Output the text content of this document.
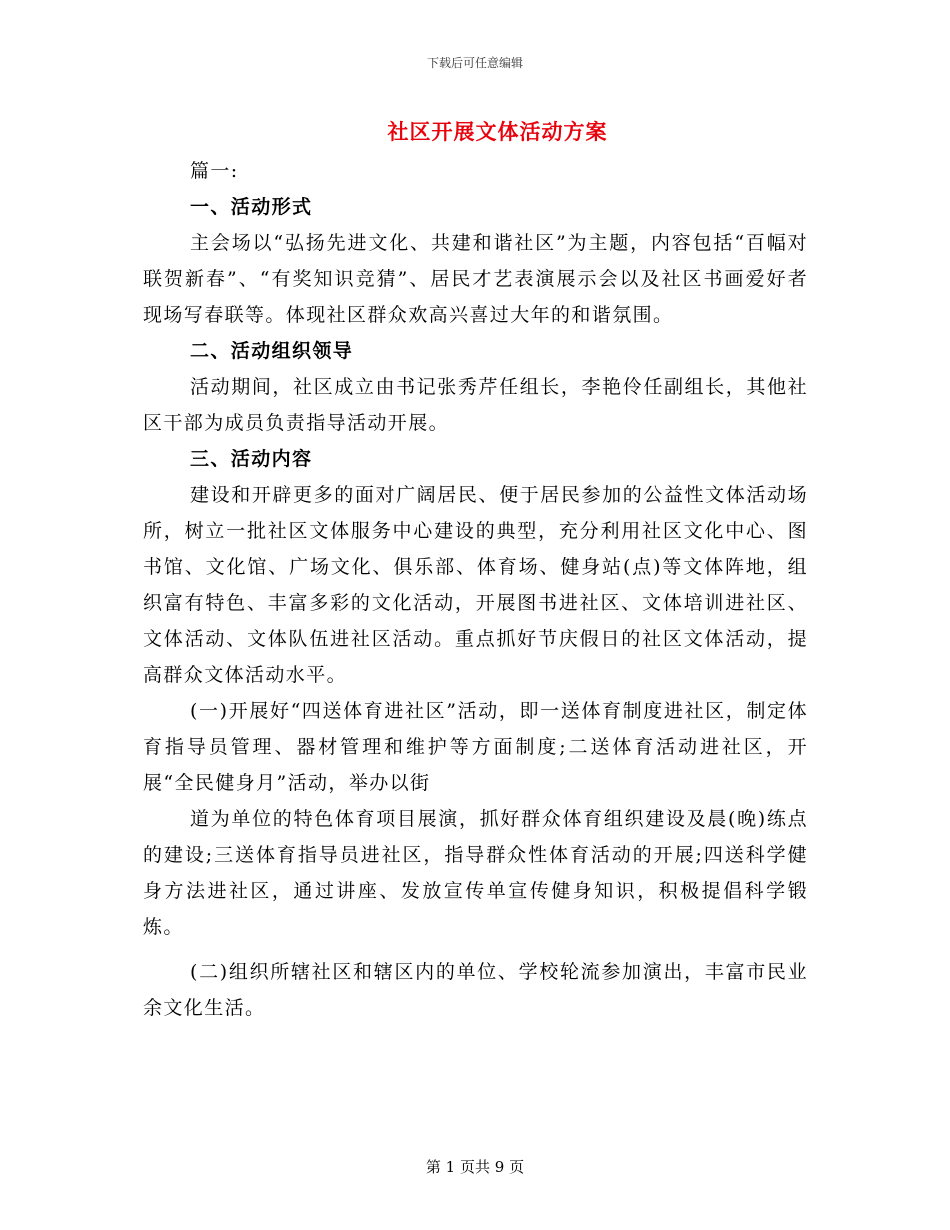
下载后可任意编辑
社区开展文体活动方案

篇一:

一、活动形式

主会场以“弘扬先进文化、共建和谐社区”为主题，内容包括“百幅对联贺新春”、“有奖知识竞猜”、居民才艺表演展示会以及社区书画爱好者现场写春联等。体现社区群众欢高兴喜过大年的和谐氛围。

二、活动组织领导

活动期间，社区成立由书记张秀芹任组长，李艳伶任副组长，其他社区干部为成员负责指导活动开展。

三、活动内容

建设和开辟更多的面对广阔居民、便于居民参加的公益性文体活动场所，树立一批社区文体服务中心建设的典型，充分利用社区文化中心、图书馆、文化馆、广场文化、俱乐部、体育场、健身站(点)等文体阵地，组织富有特色、丰富多彩的文化活动，开展图书进社区、文体培训进社区、文体活动、文体队伍进社区活动。重点抓好节庆假日的社区文体活动，提高群众文体活动水平。

(一)开展好“四送体育进社区”活动，即一送体育制度进社区，制定体育指导员管理、器材管理和维护等方面制度;二送体育活动进社区，开展“全民健身月”活动，举办以街

道为单位的特色体育项目展演，抓好群众体育组织建设及晨(晚)练点的建设;三送体育指导员进社区，指导群众性体育活动的开展;四送科学健身方法进社区，通过讲座、发放宣传单宣传健身知识，积极提倡科学锻炼。

(二)组织所辖社区和辖区内的单位、学校轮流参加演出，丰富市民业余文化生活。

第 1 页共 9 页
